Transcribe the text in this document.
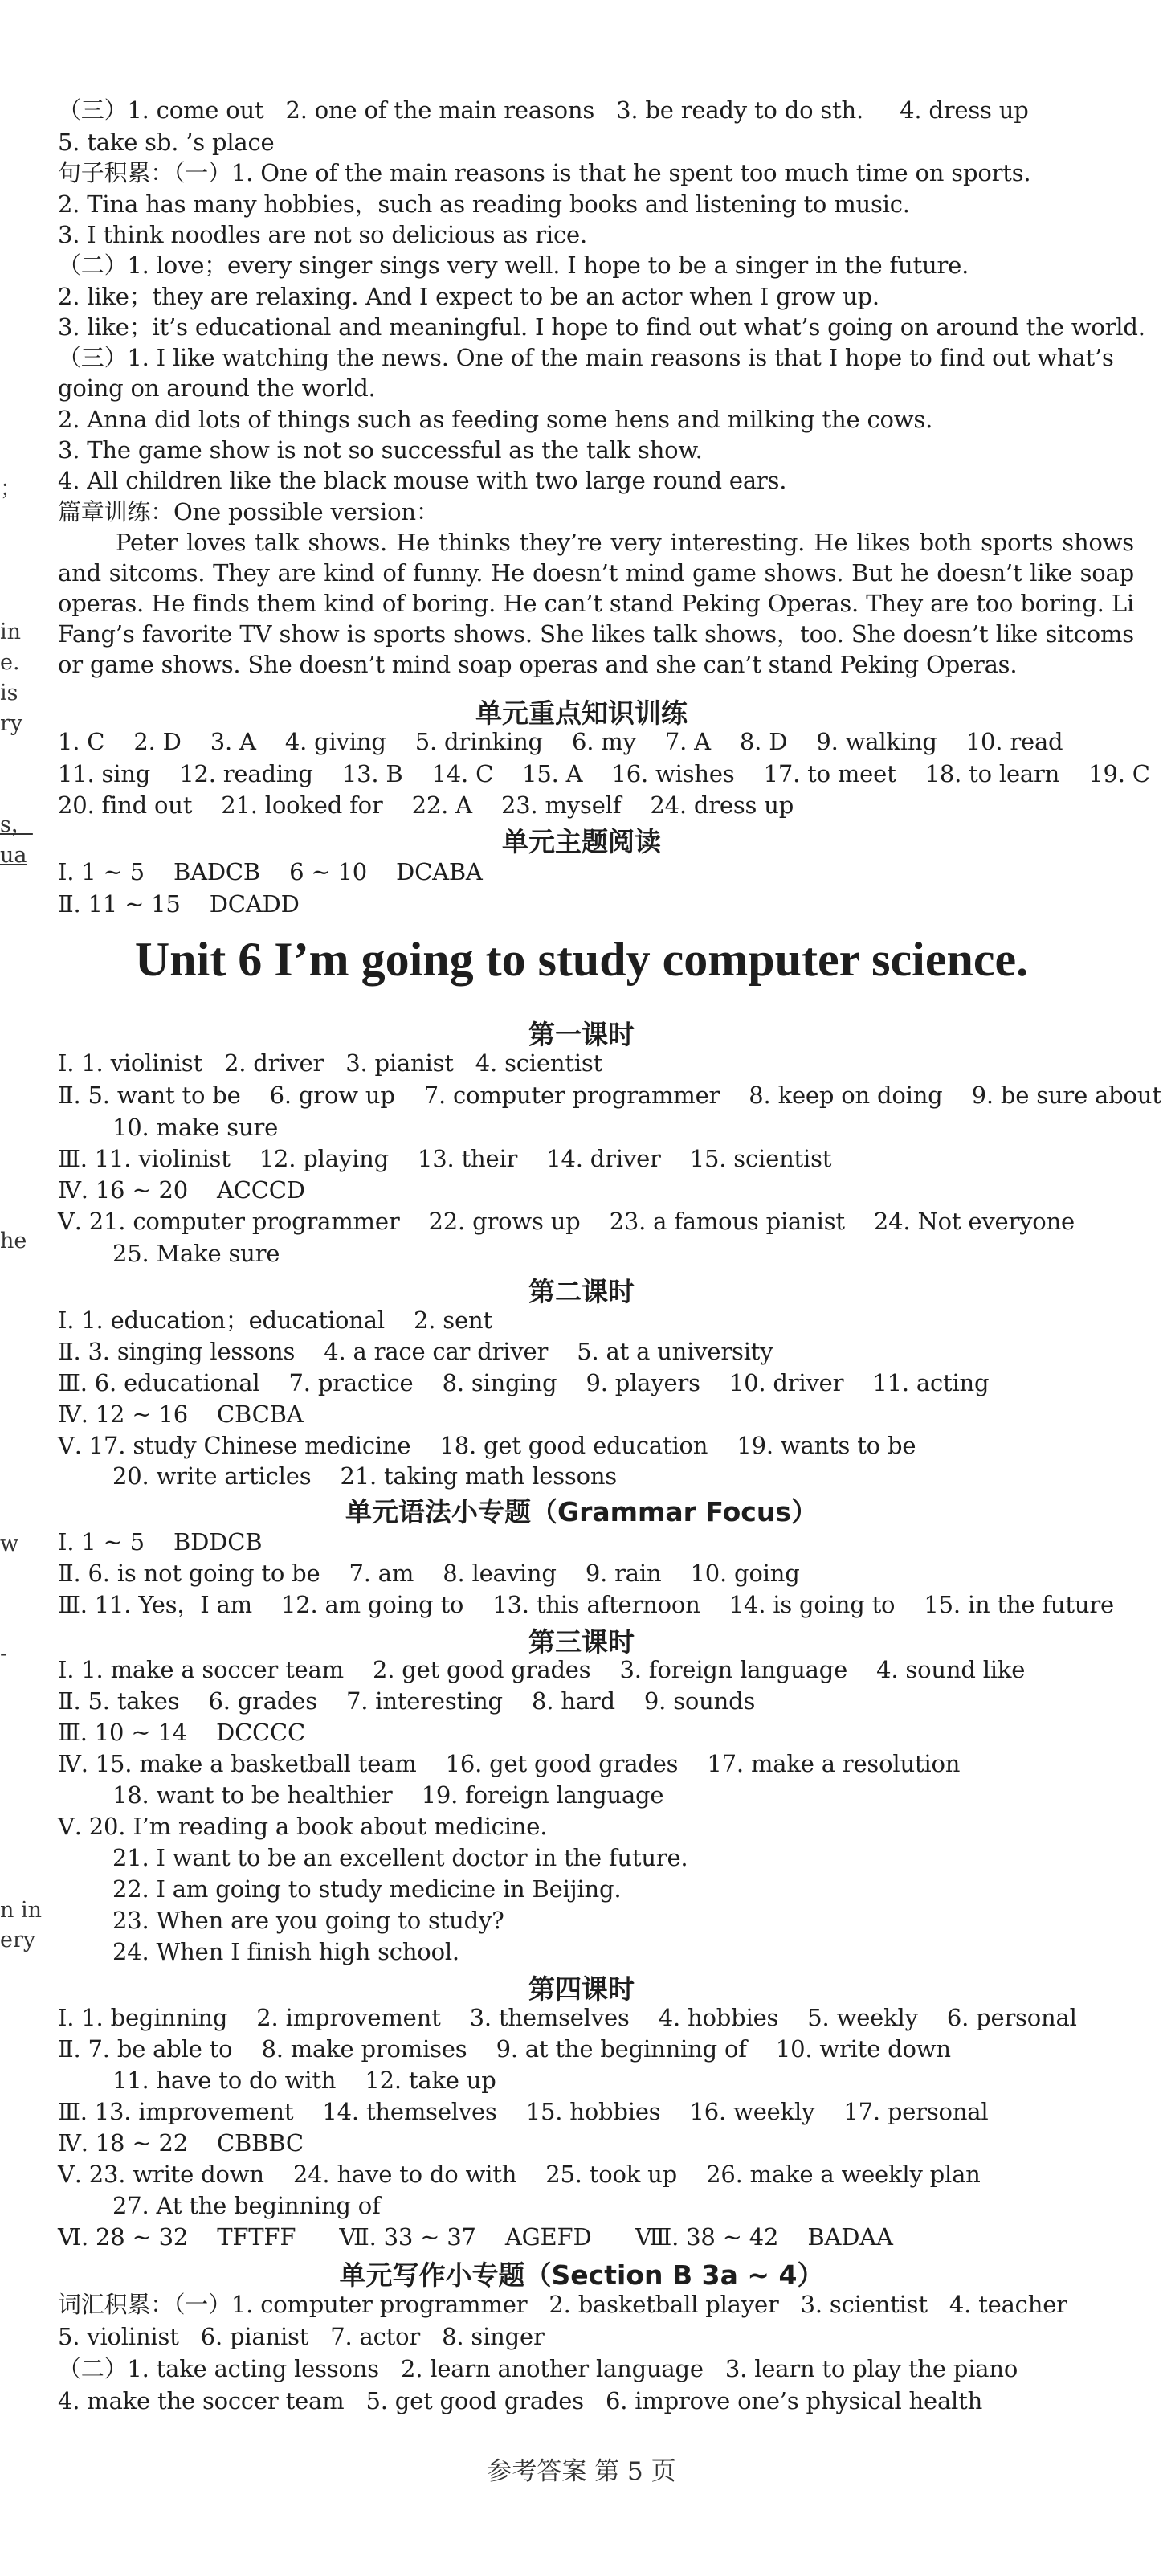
；
in
e.
is
ry
s，
ua
he
w
-
n in
ery
（三）1. come out   2. one of the main reasons   3. be ready to do sth.     4. dress up
5. take sb. ’s place
句子积累：（一）1. One of the main reasons is that he spent too much time on sports.
2. Tina has many hobbies，such as reading books and listening to music.
3. I think noodles are not so delicious as rice.
（二）1. love；every singer sings very well. I hope to be a singer in the future.
2. like；they are relaxing. And I expect to be an actor when I grow up.
3. like；it’s educational and meaningful. I hope to find out what’s going on around the world.
（三）1. I like watching the news. One of the main reasons is that I hope to find out what’s
going on around the world.
2. Anna did lots of things such as feeding some hens and milking the cows.
3. The game show is not so successful as the talk show.
4. All children like the black mouse with two large round ears.
篇章训练：One possible version：
Peter loves talk shows. He thinks they’re very interesting. He likes both sports shows and sitcoms. They are kind of funny. He doesn’t mind game shows. But he doesn’t like soap operas. He finds them kind of boring. He can’t stand Peking Operas. They are too boring. Li Fang’s favorite TV show is sports shows. She likes talk shows，too. She doesn’t like sitcoms or game shows. She doesn’t mind soap operas and she can’t stand Peking Operas.
单元重点知识训练
1. C    2. D    3. A    4. giving    5. drinking    6. my    7. A    8. D    9. walking    10. read
11. sing    12. reading    13. B    14. C    15. A    16. wishes    17. to meet    18. to learn    19. C
20. find out    21. looked for    22. A    23. myself    24. dress up
单元主题阅读
Ⅰ. 1 ~ 5    BADCB    6 ~ 10    DCABA
Ⅱ. 11 ~ 15    DCADD
Unit 6 I’m going to study computer science.
第一课时
Ⅰ. 1. violinist   2. driver   3. pianist   4. scientist
Ⅱ. 5. want to be    6. grow up    7. computer programmer    8. keep on doing    9. be sure about
10. make sure
Ⅲ. 11. violinist    12. playing    13. their    14. driver    15. scientist
Ⅳ. 16 ~ 20    ACCCD
Ⅴ. 21. computer programmer    22. grows up    23. a famous pianist    24. Not everyone
25. Make sure
第二课时
Ⅰ. 1. education；educational    2. sent
Ⅱ. 3. singing lessons    4. a race car driver    5. at a university
Ⅲ. 6. educational    7. practice    8. singing    9. players    10. driver    11. acting
Ⅳ. 12 ~ 16    CBCBA
Ⅴ. 17. study Chinese medicine    18. get good education    19. wants to be
20. write articles    21. taking math lessons
单元语法小专题（Grammar Focus）
Ⅰ. 1 ~ 5    BDDCB
Ⅱ. 6. is not going to be    7. am    8. leaving    9. rain    10. going
Ⅲ. 11. Yes，I am    12. am going to    13. this afternoon    14. is going to    15. in the future
第三课时
Ⅰ. 1. make a soccer team    2. get good grades    3. foreign language    4. sound like
Ⅱ. 5. takes    6. grades    7. interesting    8. hard    9. sounds
Ⅲ. 10 ~ 14    DCCCC
Ⅳ. 15. make a basketball team    16. get good grades    17. make a resolution
18. want to be healthier    19. foreign language
Ⅴ. 20. I’m reading a book about medicine.
21. I want to be an excellent doctor in the future.
22. I am going to study medicine in Beijing.
23. When are you going to study?
24. When I finish high school.
第四课时
Ⅰ. 1. beginning    2. improvement    3. themselves    4. hobbies    5. weekly    6. personal
Ⅱ. 7. be able to    8. make promises    9. at the beginning of    10. write down
11. have to do with    12. take up
Ⅲ. 13. improvement    14. themselves    15. hobbies    16. weekly    17. personal
Ⅳ. 18 ~ 22    CBBBC
Ⅴ. 23. write down    24. have to do with    25. took up    26. make a weekly plan
27. At the beginning of
Ⅵ. 28 ~ 32    TFTFF      Ⅶ. 33 ~ 37    AGEFD      Ⅷ. 38 ~ 42    BADAA
单元写作小专题（Section B 3a ~ 4）
词汇积累：（一）1. computer programmer   2. basketball player   3. scientist   4. teacher
5. violinist   6. pianist   7. actor   8. singer
（二）1. take acting lessons   2. learn another language   3. learn to play the piano
4. make the soccer team   5. get good grades   6. improve one’s physical health
参考答案 第 5 页
